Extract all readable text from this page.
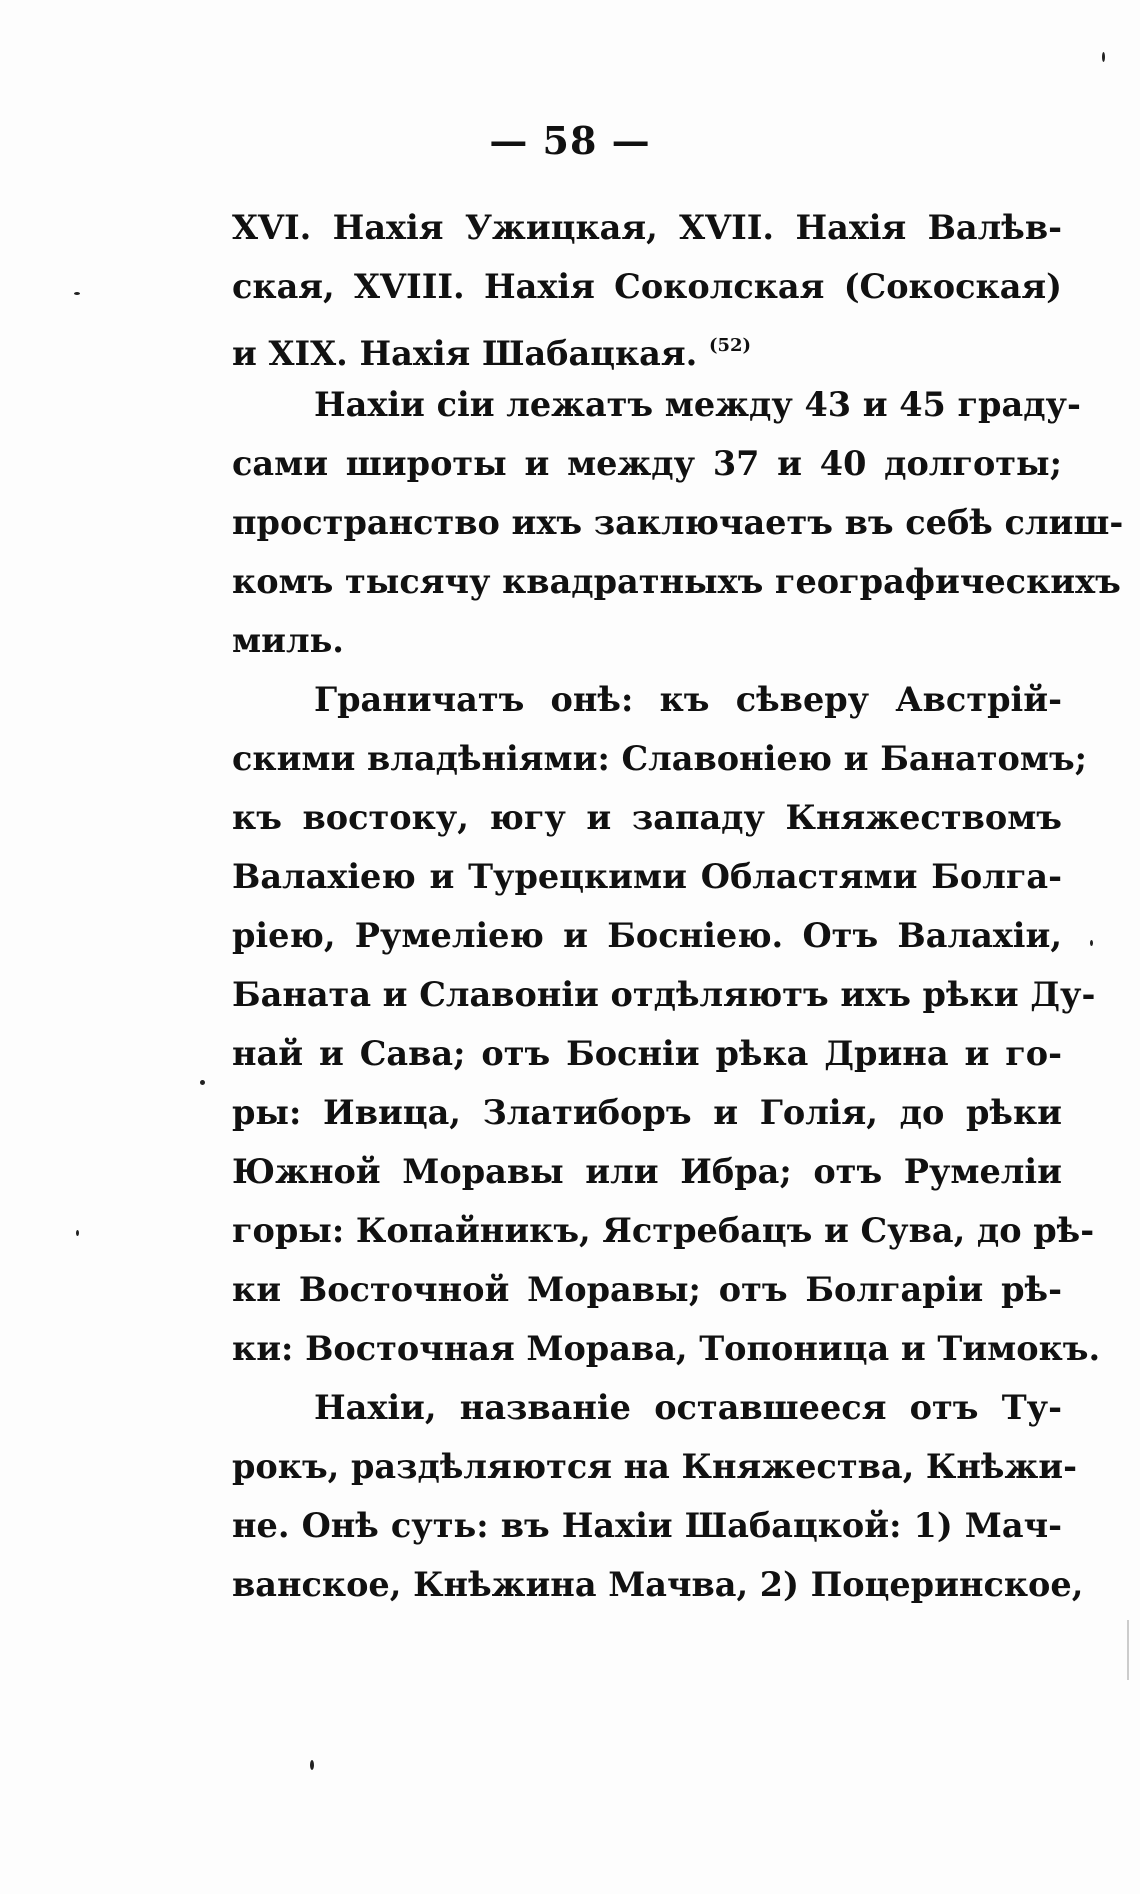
— 58 —
XVI. Нахія Ужицкая, XVII. Нахія Валѣв-
ская, XVIII. Нахія Соколская (Сокоская)
и XIX. Нахія Шабацкая. $^{(52)}$
Нахіи сіи лежатъ между 43 и 45 граду-
сами широты и между 37 и 40 долготы;
пространство ихъ заключаетъ въ себѣ слиш-
комъ тысячу квадратныхъ географическихъ
миль.
Граничатъ онѣ: къ сѣверу Австрій-
скими владѣніями: Славоніею и Банатомъ;
къ востоку, югу и западу Княжествомъ
Валахіею и Турецкими Областями Болга-
ріею, Румеліею и Босніею. Отъ Валахіи,
Баната и Славоніи отдѣляютъ ихъ рѣки Ду-
най и Сава; отъ Босніи рѣка Дрина и го-
ры: Ивица, Златиборъ и Голія, до рѣки
Южной Моравы или Ибра; отъ Румеліи
горы: Копайникъ, Ястребацъ и Сува, до рѣ-
ки Восточной Моравы; отъ Болгаріи рѣ-
ки: Восточная Морава, Топоница и Тимокъ.
Нахіи, названіе оставшееся отъ Ту-
рокъ, раздѣляются на Княжества, Кнѣжи-
не. Онѣ суть: въ Нахіи Шабацкой: 1) Мач-
ванское, Кнѣжина Мачва, 2) Поцеринское,
